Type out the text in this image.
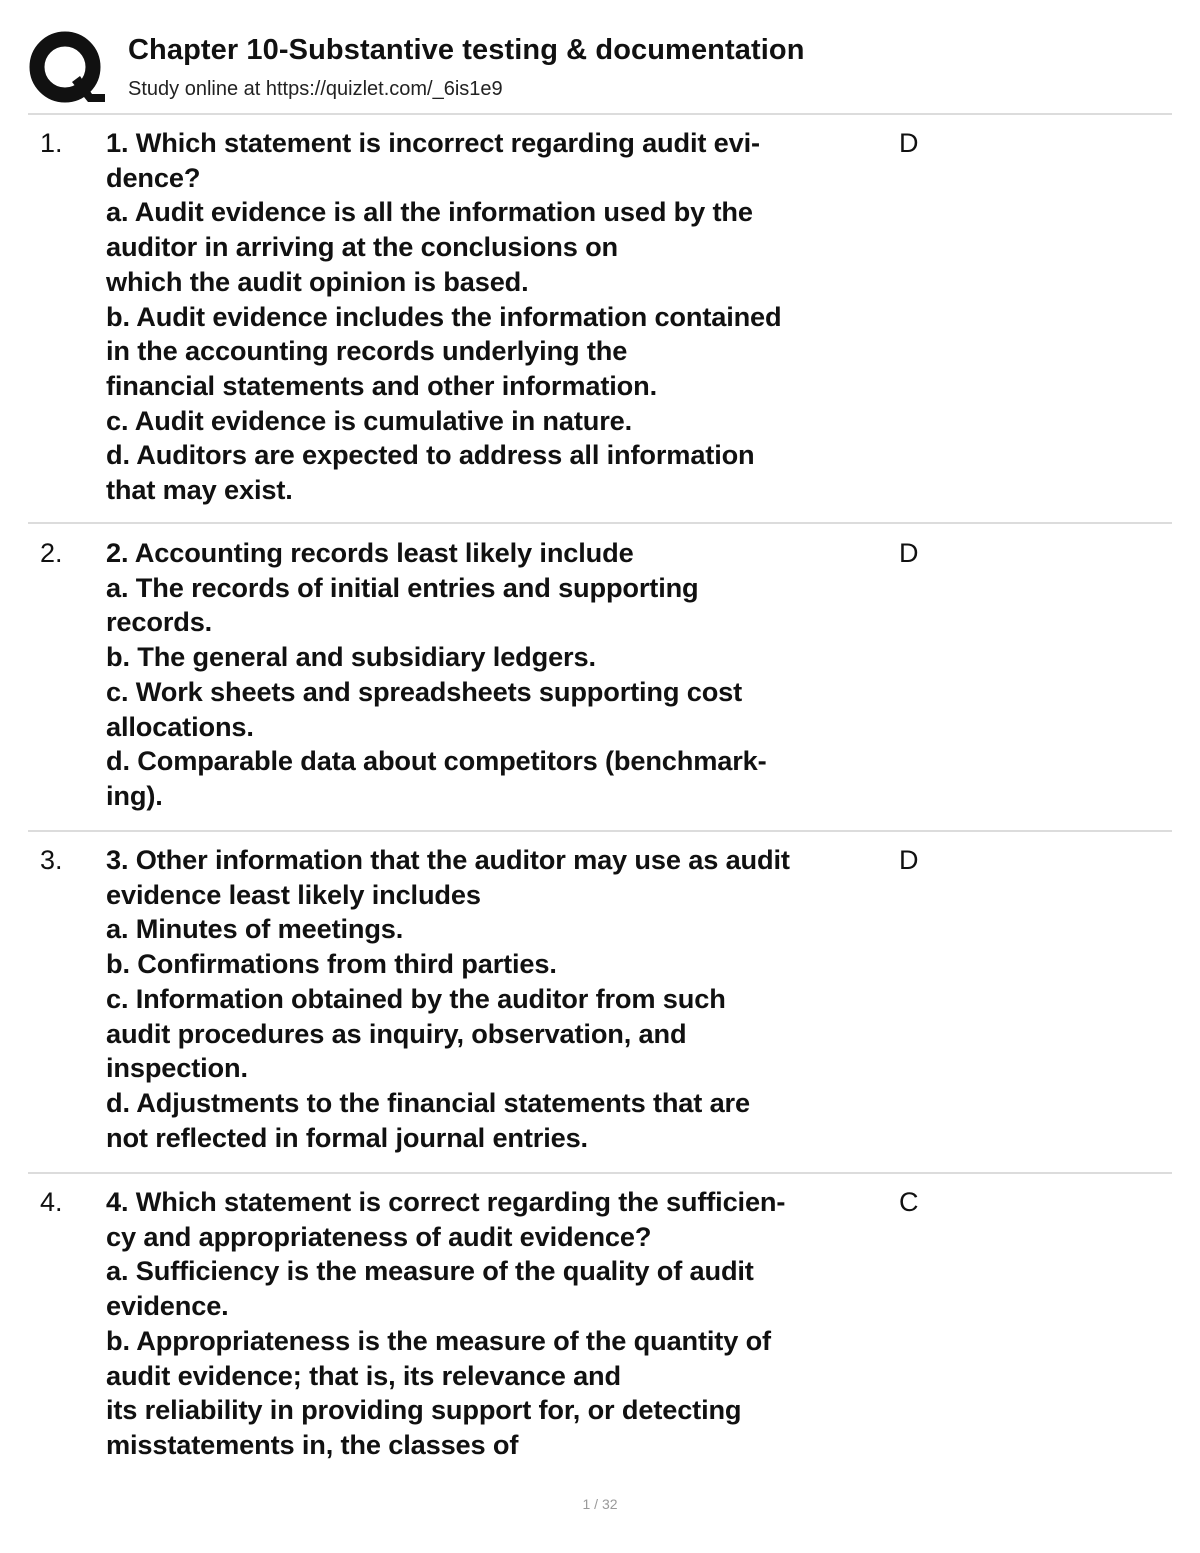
Chapter 10-Substantive testing & documentation
Study online at https://quizlet.com/_6is1e9
1. 1. Which statement is incorrect regarding audit evi-
dence?
a. Audit evidence is all the information used by the
auditor in arriving at the conclusions on
which the audit opinion is based.
b. Audit evidence includes the information contained
in the accounting records underlying the
financial statements and other information.
c. Audit evidence is cumulative in nature.
d. Auditors are expected to address all information
that may exist.
D
2. 2. Accounting records least likely include
a. The records of initial entries and supporting
records.
b. The general and subsidiary ledgers.
c. Work sheets and spreadsheets supporting cost
allocations.
d. Comparable data about competitors (benchmark-
ing).
D
3. 3. Other information that the auditor may use as audit
evidence least likely includes
a. Minutes of meetings.
b. Confirmations from third parties.
c. Information obtained by the auditor from such
audit procedures as inquiry, observation, and
inspection.
d. Adjustments to the financial statements that are
not reflected in formal journal entries.
D
4. 4. Which statement is correct regarding the sufficien-
cy and appropriateness of audit evidence?
a. Sufficiency is the measure of the quality of audit
evidence.
b. Appropriateness is the measure of the quantity of
audit evidence; that is, its relevance and
its reliability in providing support for, or detecting
misstatements in, the classes of
C
1 / 32
